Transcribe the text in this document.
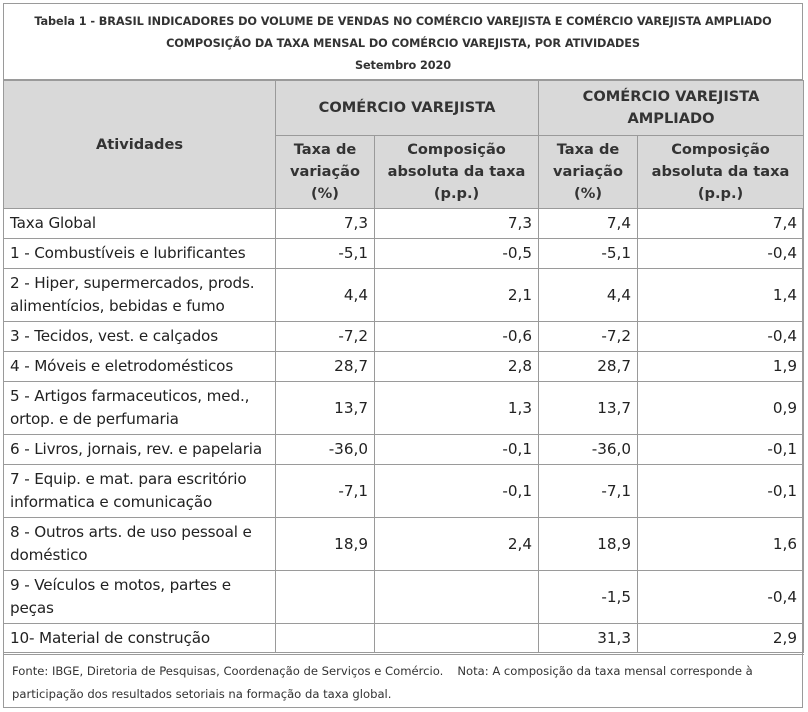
Tabela 1 - BRASIL INDICADORES DO VOLUME DE VENDAS NO COMÉRCIO VAREJISTA E COMÉRCIO VAREJISTA AMPLIADO
COMPOSIÇÃO DA TAXA MENSAL DO COMÉRCIO VAREJISTA, POR ATIVIDADES
Setembro 2020
Atividades	COMÉRCIO VAREJISTA		COMÉRCIO VAREJISTA AMPLIADO	
	Taxa de variação (%)	Composição absoluta da taxa (p.p.)	Taxa de variação (%)	Composição absoluta da taxa (p.p.)
Taxa Global	7,3	7,3	7,4	7,4
1 - Combustíveis e lubrificantes	-5,1	-0,5	-5,1	-0,4
2 - Hiper, supermercados, prods. alimentícios, bebidas e fumo	4,4	2,1	4,4	1,4
3 - Tecidos, vest. e calçados	-7,2	-0,6	-7,2	-0,4
4 - Móveis e eletrodomésticos	28,7	2,8	28,7	1,9
5 - Artigos farmaceuticos, med., ortop. e de perfumaria	13,7	1,3	13,7	0,9
6 - Livros, jornais, rev. e papelaria	-36,0	-0,1	-36,0	-0,1
7 - Equip. e mat. para escritório informatica e comunicação	-7,1	-0,1	-7,1	-0,1
8 - Outros arts. de uso pessoal e doméstico	18,9	2,4	18,9	1,6
9 - Veículos e motos, partes e peças			-1,5	-0,4
10- Material de construção			31,3	2,9
Fonte: IBGE, Diretoria de Pesquisas, Coordenação de Serviços e Comércio. Nota: A composição da taxa mensal corresponde à participação dos resultados setoriais na formação da taxa global.
